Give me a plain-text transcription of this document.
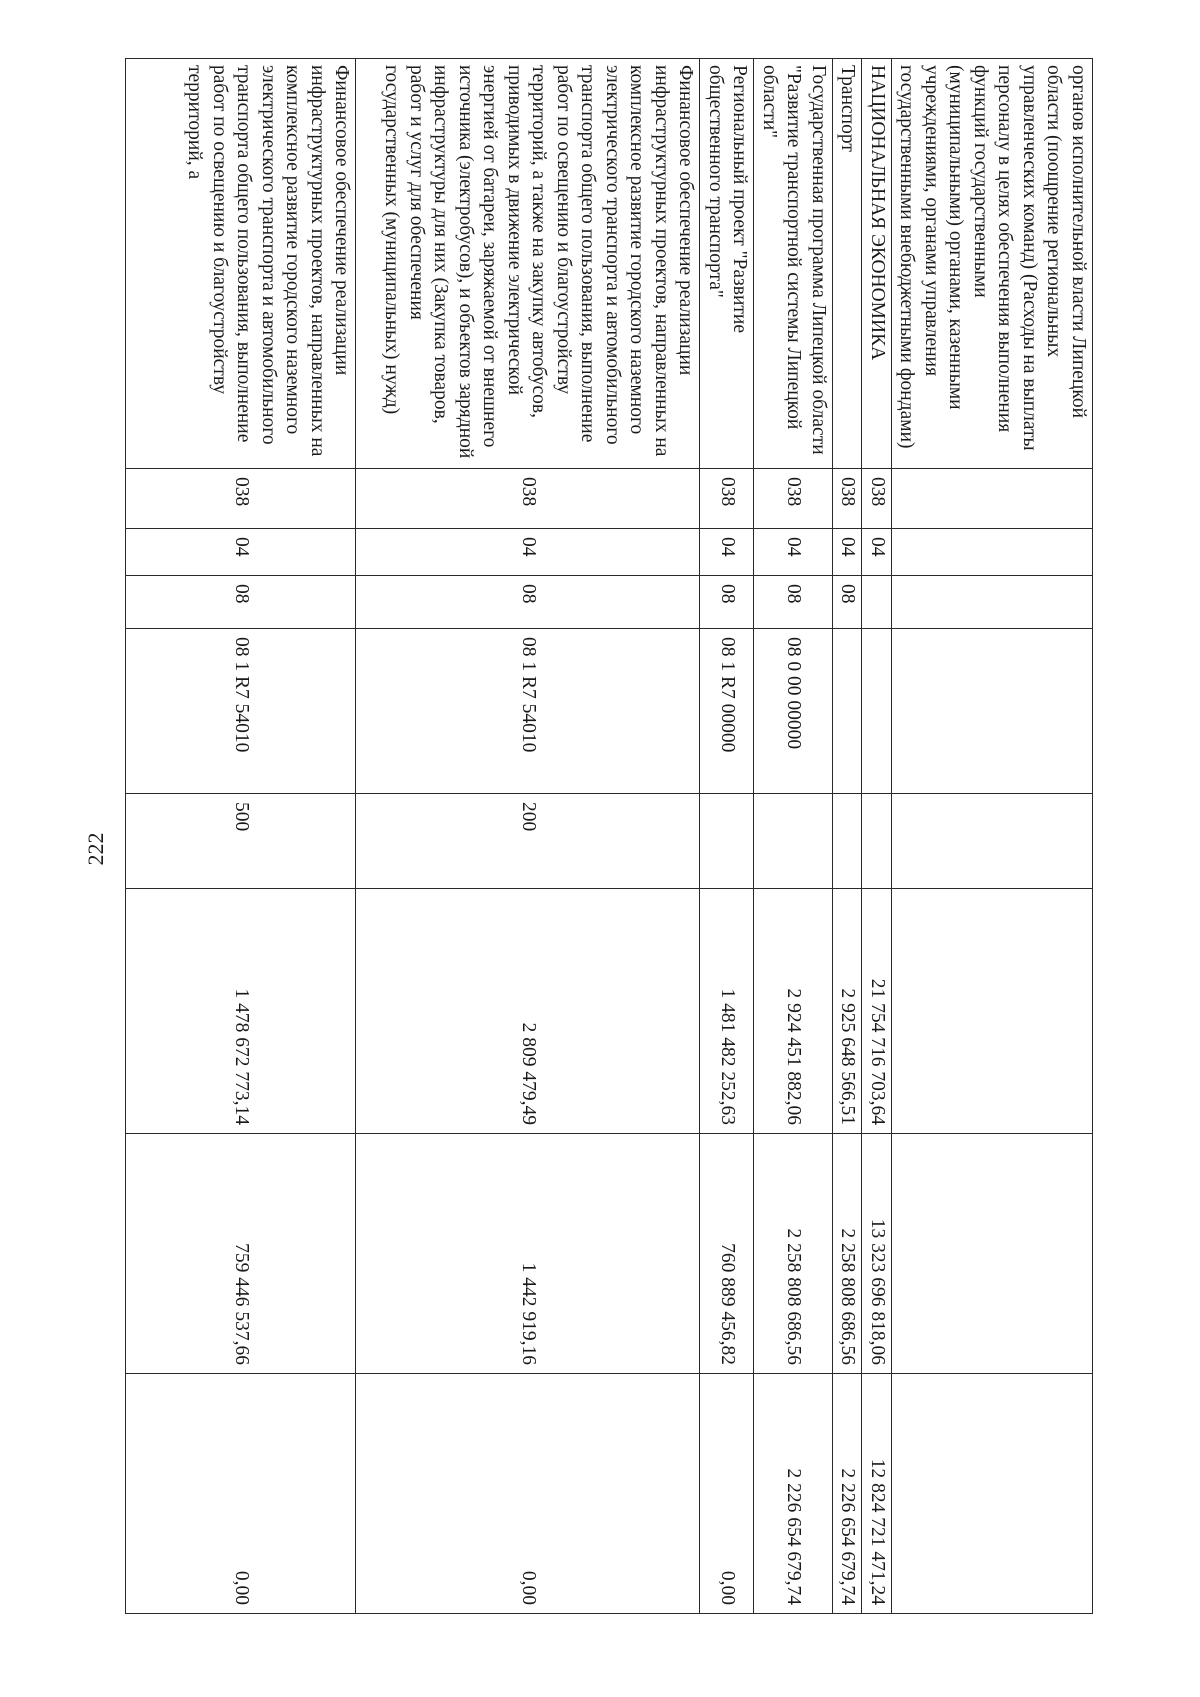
222
органов исполнительной власти Липецкой области (поощрение региональных управленческих команд) (Расходы на выплаты персоналу в целях обеспечения выполнения функций государственными (муниципальными) органами, казенными учреждениями, органами управления государственными внебюджетными фондами)								
НАЦИОНАЛЬНАЯ ЭКОНОМИКА	038	04				21 754 716 703,64	13 323 696 818,06	12 824 721 471,24
Транспорт	038	04	08			2 925 648 566,51	2 258 808 686,56	2 226 654 679,74
Государственная программа Липецкой области "Развитие транспортной системы Липецкой области"	038	04	08	08 0 00 00000		2 924 451 882,06	2 258 808 686,56	2 226 654 679,74
Региональный проект "Развитие общественного транспорта"	038	04	08	08 1 R7 00000		1 481 482 252,63	760 889 456,82	0,00
Финансовое обеспечение реализации инфраструктурных проектов, направленных на комплексное развитие городского наземного электрического транспорта и автомобильного транспорта общего пользования, выполнение работ по освещению и благоустройству территорий, а также на закупку автобусов, приводимых в движение электрической энергией от батареи, заряжаемой от внешнего источника (электробусов), и объектов зарядной инфраструктуры для них (Закупка товаров, работ и услуг для обеспечения государственных (муниципальных) нужд)	038	04	08	08 1 R7 54010	200	2 809 479,49	1 442 919,16	0,00
Финансовое обеспечение реализации инфраструктурных проектов, направленных на комплексное развитие городского наземного электрического транспорта и автомобильного транспорта общего пользования, выполнение работ по освещению и благоустройству территорий, а	038	04	08	08 1 R7 54010	500	1 478 672 773,14	759 446 537,66	0,00
